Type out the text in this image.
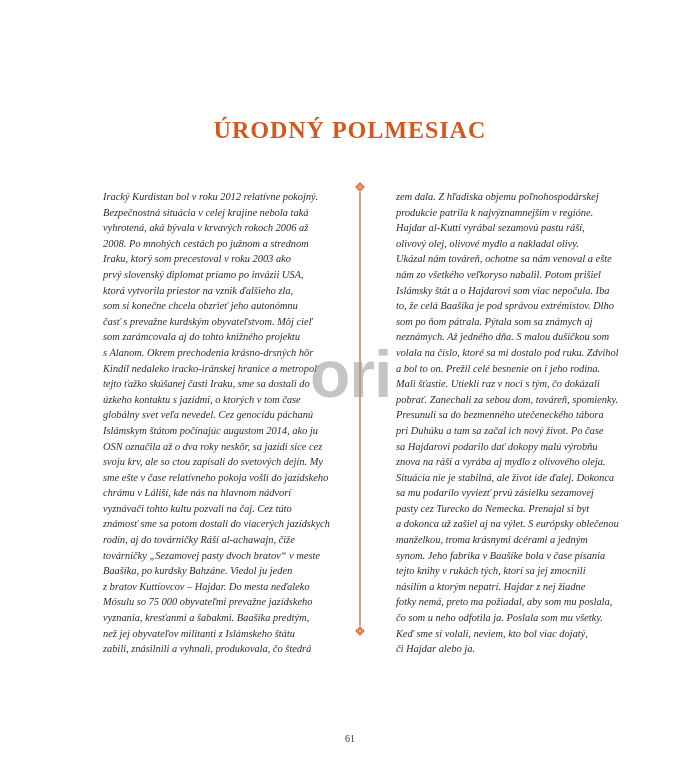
ÚRODNÝ POLMESIAC
Iracký Kurdistan bol v roku 2012 relatívne pokojný.
Bezpečnostná situácia v celej krajine nebola taká
vyhrotená, aká bývala v krvavých rokoch 2006 až
2008. Po mnohých cestách po južnom a strednom
Iraku, ktorý som precestoval v roku 2003 ako
prvý slovenský diplomat priamo po invázii USA,
ktorá vytvorila priestor na vznik ďalšieho zla,
som si konečne chcela obzrieť jeho autonómnu
časť s prevažne kurdským obyvateľstvom. Môj cieľ
som zarámcovala aj do tohto knižného projektu
s Alanom. Okrem prechodenia krásno-drsných hôr
Kindíl nedaleko iracko-iránskej hranice a metropol
tejto ťažko skúšanej časti Iraku, sme sa dostali do
úzkeho kontaktu s jazídmi, o ktorých v tom čase
globálny svet veľa nevedel. Cez genocídu páchanú
Islámskym štátom počínajúc augustom 2014, ako ju
OSN označila až o dva roky neskôr, sa jazídi sice cez
svoju krv, ale so ctou zapísali do svetových dejín. My
sme ešte v čase relatívneho pokoja vošli do jazídskeho
chrámu v Láliší, kde nás na hlavnom nádvorí
vyznávači tohto kultu pozvali na čaj. Cez túto
známosť sme sa potom dostali do viacerých jazídskych
rodín, aj do továrničky Ráší al-achawajn, čiže
továrničky „Sezamovej pasty dvoch bratov“ v meste
Baašíka, po kurdsky Bahzáne. Viedol ju jeden
z bratov Kuttíovcov – Hajdar. Do mesta neďaleko
Mósulu so 75 000 obyvateľmi prevažne jazídskeho
vyznania, kresťanmi a šabakmi. Baašíka predtým,
než jej obyvateľov militanti z Islámskeho štátu
zabili, znásilnili a vyhnali, produkovala, čo štedrá
zem dala. Z hľadiska objemu poľnohospodárskej
produkcie patrila k najvýznamnejším v regióne.
Hajdar al-Kutti vyrábal sezamovú pastu ráší,
olivový olej, olivové mydlo a nakladal olivy.
Ukázal nám továreň, ochotne sa nám venoval a ešte
nám zo všetkého veľkoryso nabalil. Potom prišiel
Islámsky štát a o Hajdarovi som viac nepočula. Iba
to, že celá Baašíka je pod správou extrémistov. Dlho
som po ňom pátrala. Pýtala som sa známych aj
neznámych. Až jedného dňa. S malou dušičkou som
volala na číslo, ktoré sa mi dostalo pod ruku. Zdvihol
a bol to on. Prežil celé besnenie on i jeho rodina.
Mali šťastie. Utiekli raz v noci s tým, čo dokázali
pobrať. Zanechali za sebou dom, továreň, spomienky.
Presunuli sa do bezmenného utečeneckého tábora
pri Duhúku a tam sa začal ich nový život. Po čase
sa Hajdarovi podarilo dať dokopy malú výrobňu
znova na ráší a vyrába aj mydlo z olivového oleja.
Situácia nie je stabilná, ale život ide ďalej. Dokonca
sa mu podarilo vyviezť prvú zásielku sezamovej
pasty cez Turecko do Nemecka. Prenajal si byt
a dokonca už zašiel aj na výlet. S európsky oblečenou
manželkou, troma krásnymi dcérami a jedným
synom. Jeho fabrika v Baašíke bola v čase písania
tejto knihy v rukách tých, ktorí sa jej zmocnili
násilím a ktorým nepatrí. Hajdar z nej žiadne
fotky nemá, preto ma požiadal, aby som mu poslala,
čo som u neho odfotila ja. Poslala som mu všetky.
Keď sme si volali, neviem, kto bol viac dojatý,
či Hajdar alebo ja.
ori
61
